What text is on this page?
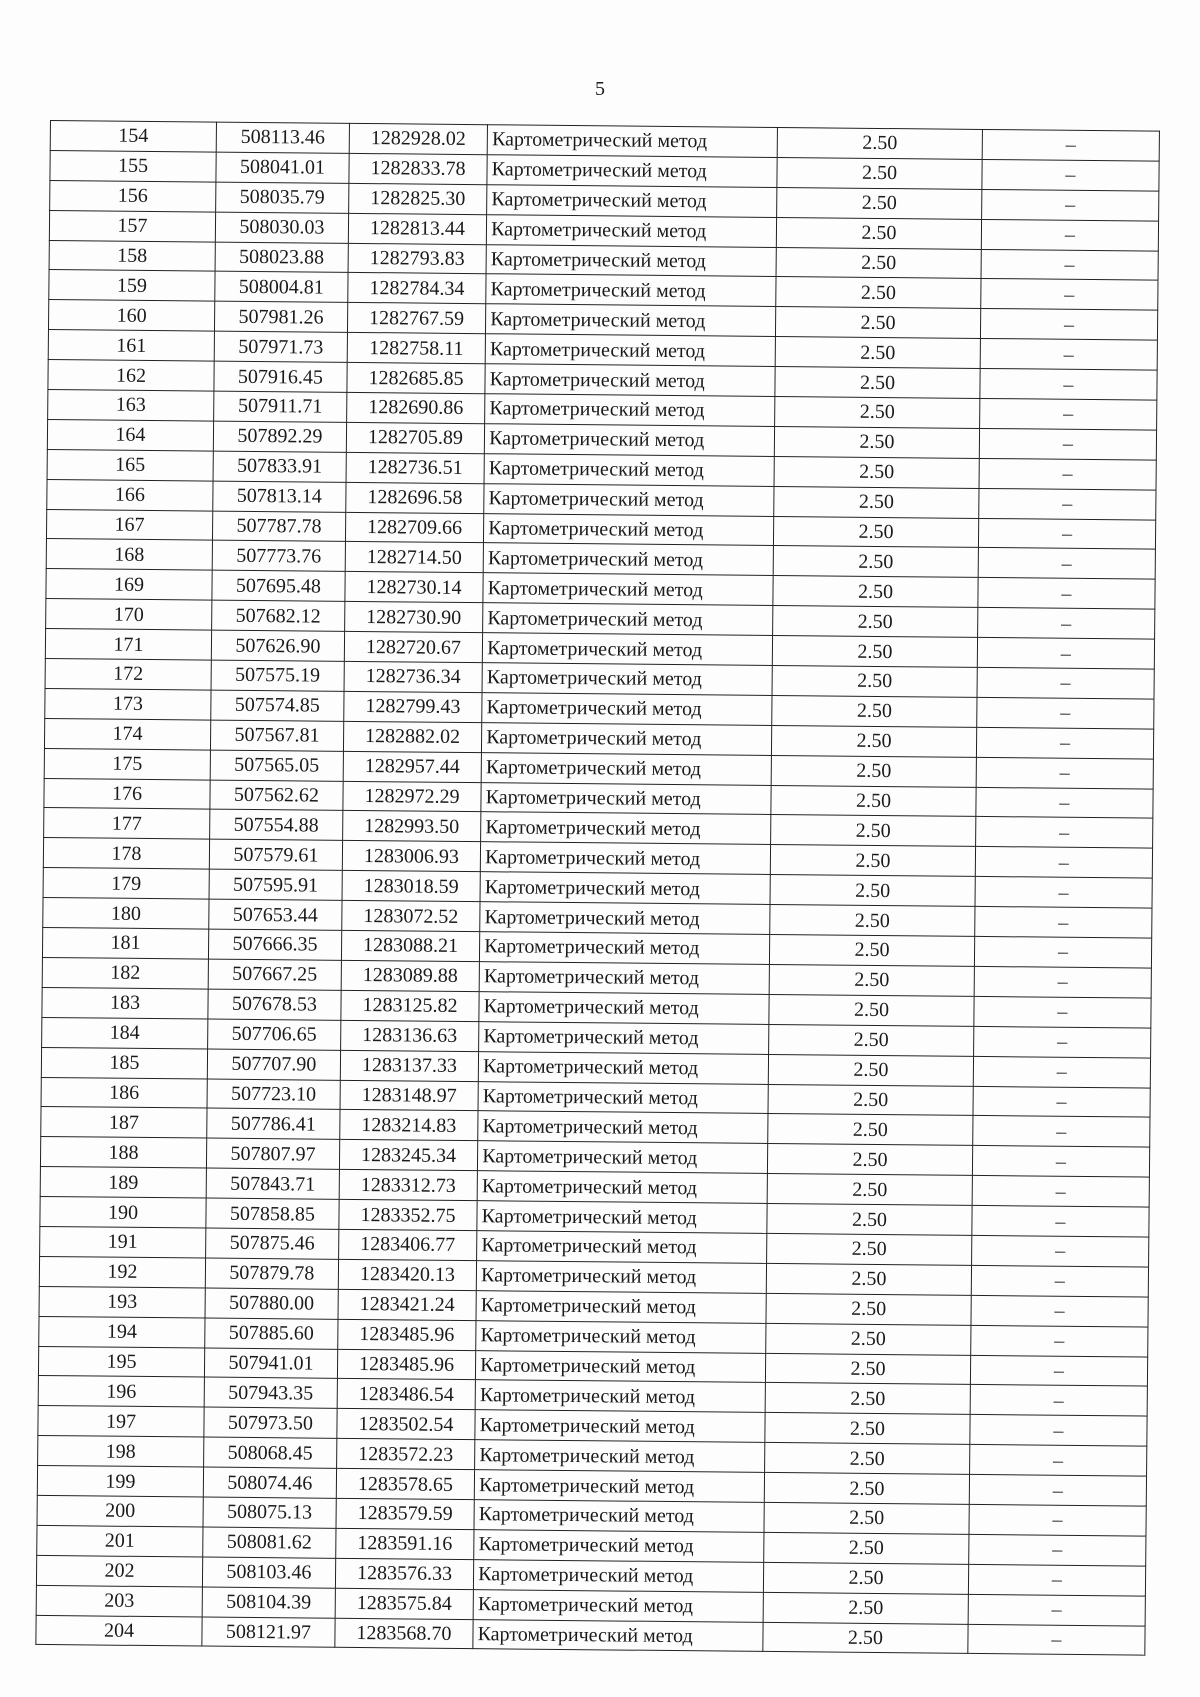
5
154	508113.46	1282928.02	Картометрический метод	2.50	–
155	508041.01	1282833.78	Картометрический метод	2.50	–
156	508035.79	1282825.30	Картометрический метод	2.50	–
157	508030.03	1282813.44	Картометрический метод	2.50	–
158	508023.88	1282793.83	Картометрический метод	2.50	–
159	508004.81	1282784.34	Картометрический метод	2.50	–
160	507981.26	1282767.59	Картометрический метод	2.50	–
161	507971.73	1282758.11	Картометрический метод	2.50	–
162	507916.45	1282685.85	Картометрический метод	2.50	–
163	507911.71	1282690.86	Картометрический метод	2.50	–
164	507892.29	1282705.89	Картометрический метод	2.50	–
165	507833.91	1282736.51	Картометрический метод	2.50	–
166	507813.14	1282696.58	Картометрический метод	2.50	–
167	507787.78	1282709.66	Картометрический метод	2.50	–
168	507773.76	1282714.50	Картометрический метод	2.50	–
169	507695.48	1282730.14	Картометрический метод	2.50	–
170	507682.12	1282730.90	Картометрический метод	2.50	–
171	507626.90	1282720.67	Картометрический метод	2.50	–
172	507575.19	1282736.34	Картометрический метод	2.50	–
173	507574.85	1282799.43	Картометрический метод	2.50	–
174	507567.81	1282882.02	Картометрический метод	2.50	–
175	507565.05	1282957.44	Картометрический метод	2.50	–
176	507562.62	1282972.29	Картометрический метод	2.50	–
177	507554.88	1282993.50	Картометрический метод	2.50	–
178	507579.61	1283006.93	Картометрический метод	2.50	–
179	507595.91	1283018.59	Картометрический метод	2.50	–
180	507653.44	1283072.52	Картометрический метод	2.50	–
181	507666.35	1283088.21	Картометрический метод	2.50	–
182	507667.25	1283089.88	Картометрический метод	2.50	–
183	507678.53	1283125.82	Картометрический метод	2.50	–
184	507706.65	1283136.63	Картометрический метод	2.50	–
185	507707.90	1283137.33	Картометрический метод	2.50	–
186	507723.10	1283148.97	Картометрический метод	2.50	–
187	507786.41	1283214.83	Картометрический метод	2.50	–
188	507807.97	1283245.34	Картометрический метод	2.50	–
189	507843.71	1283312.73	Картометрический метод	2.50	–
190	507858.85	1283352.75	Картометрический метод	2.50	–
191	507875.46	1283406.77	Картометрический метод	2.50	–
192	507879.78	1283420.13	Картометрический метод	2.50	–
193	507880.00	1283421.24	Картометрический метод	2.50	–
194	507885.60	1283485.96	Картометрический метод	2.50	–
195	507941.01	1283485.96	Картометрический метод	2.50	–
196	507943.35	1283486.54	Картометрический метод	2.50	–
197	507973.50	1283502.54	Картометрический метод	2.50	–
198	508068.45	1283572.23	Картометрический метод	2.50	–
199	508074.46	1283578.65	Картометрический метод	2.50	–
200	508075.13	1283579.59	Картометрический метод	2.50	–
201	508081.62	1283591.16	Картометрический метод	2.50	–
202	508103.46	1283576.33	Картометрический метод	2.50	–
203	508104.39	1283575.84	Картометрический метод	2.50	–
204	508121.97	1283568.70	Картометрический метод	2.50	–
